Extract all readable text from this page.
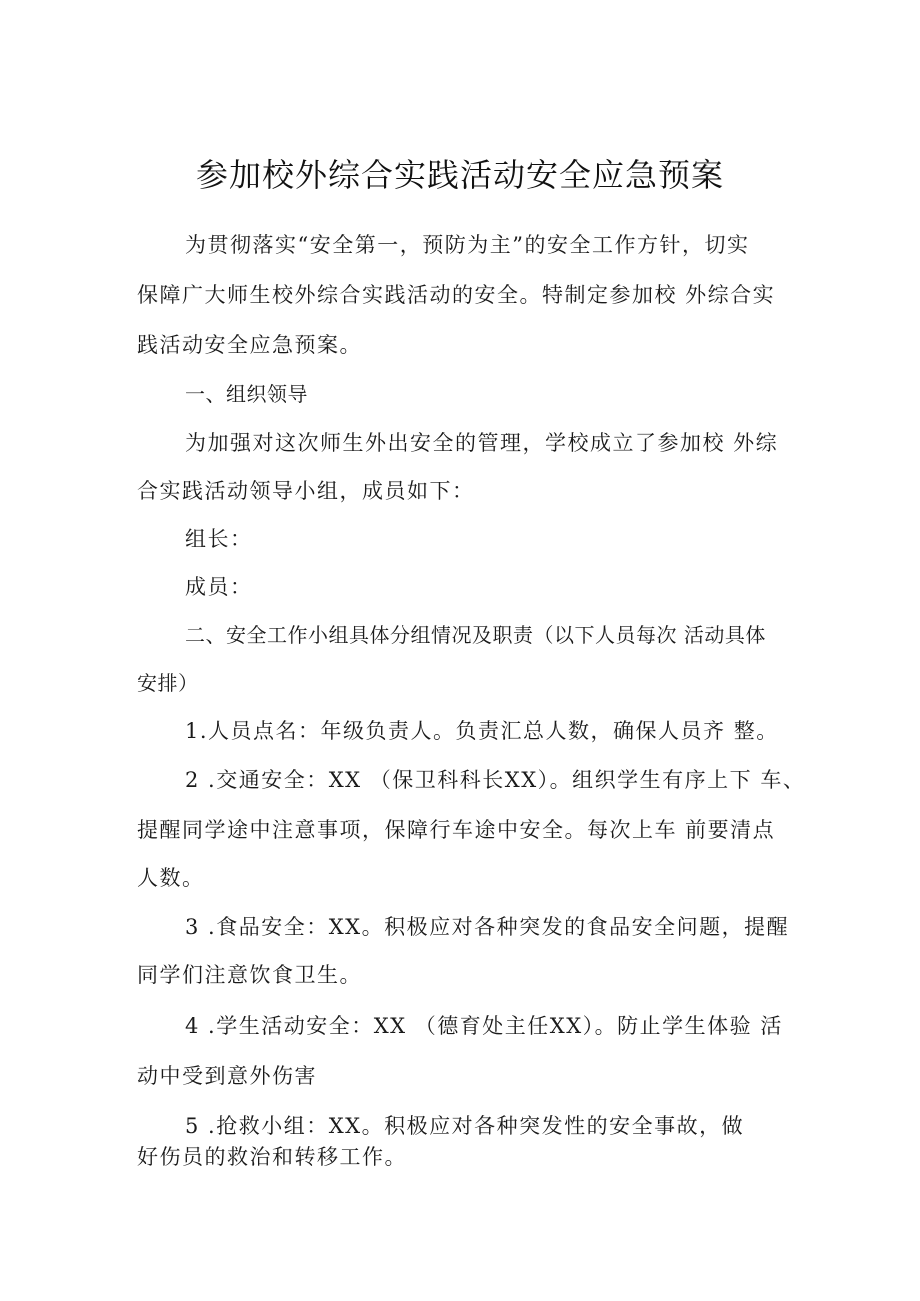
参加校外综合实践活动安全应急预案
为贯彻落实“安全第一，预防为主”的安全工作方针，切实
保障广大师生校外综合实践活动的安全。特制定参加校 外综合实
践活动安全应急预案。
一、组织领导
为加强对这次师生外出安全的管理，学校成立了参加校 外综
合实践活动领导小组，成员如下：
组长：
成员：
二、安全工作小组具体分组情况及职责（以下人员每次 活动具体
安排）
1.人员点名：年级负责人。负责汇总人数，确保人员齐 整。
2 .交通安全：XX （保卫科科长XX）。组织学生有序上下 车、
提醒同学途中注意事项，保障行车途中安全。每次上车 前要清点
人数。
3 .食品安全：XX。积极应对各种突发的食品安全问题，提醒
同学们注意饮食卫生。
4 .学生活动安全：XX （德育处主任XX）。防止学生体验 活
动中受到意外伤害
5 .抢救小组：XX。积极应对各种突发性的安全事故，做
好伤员的救治和转移工作。
